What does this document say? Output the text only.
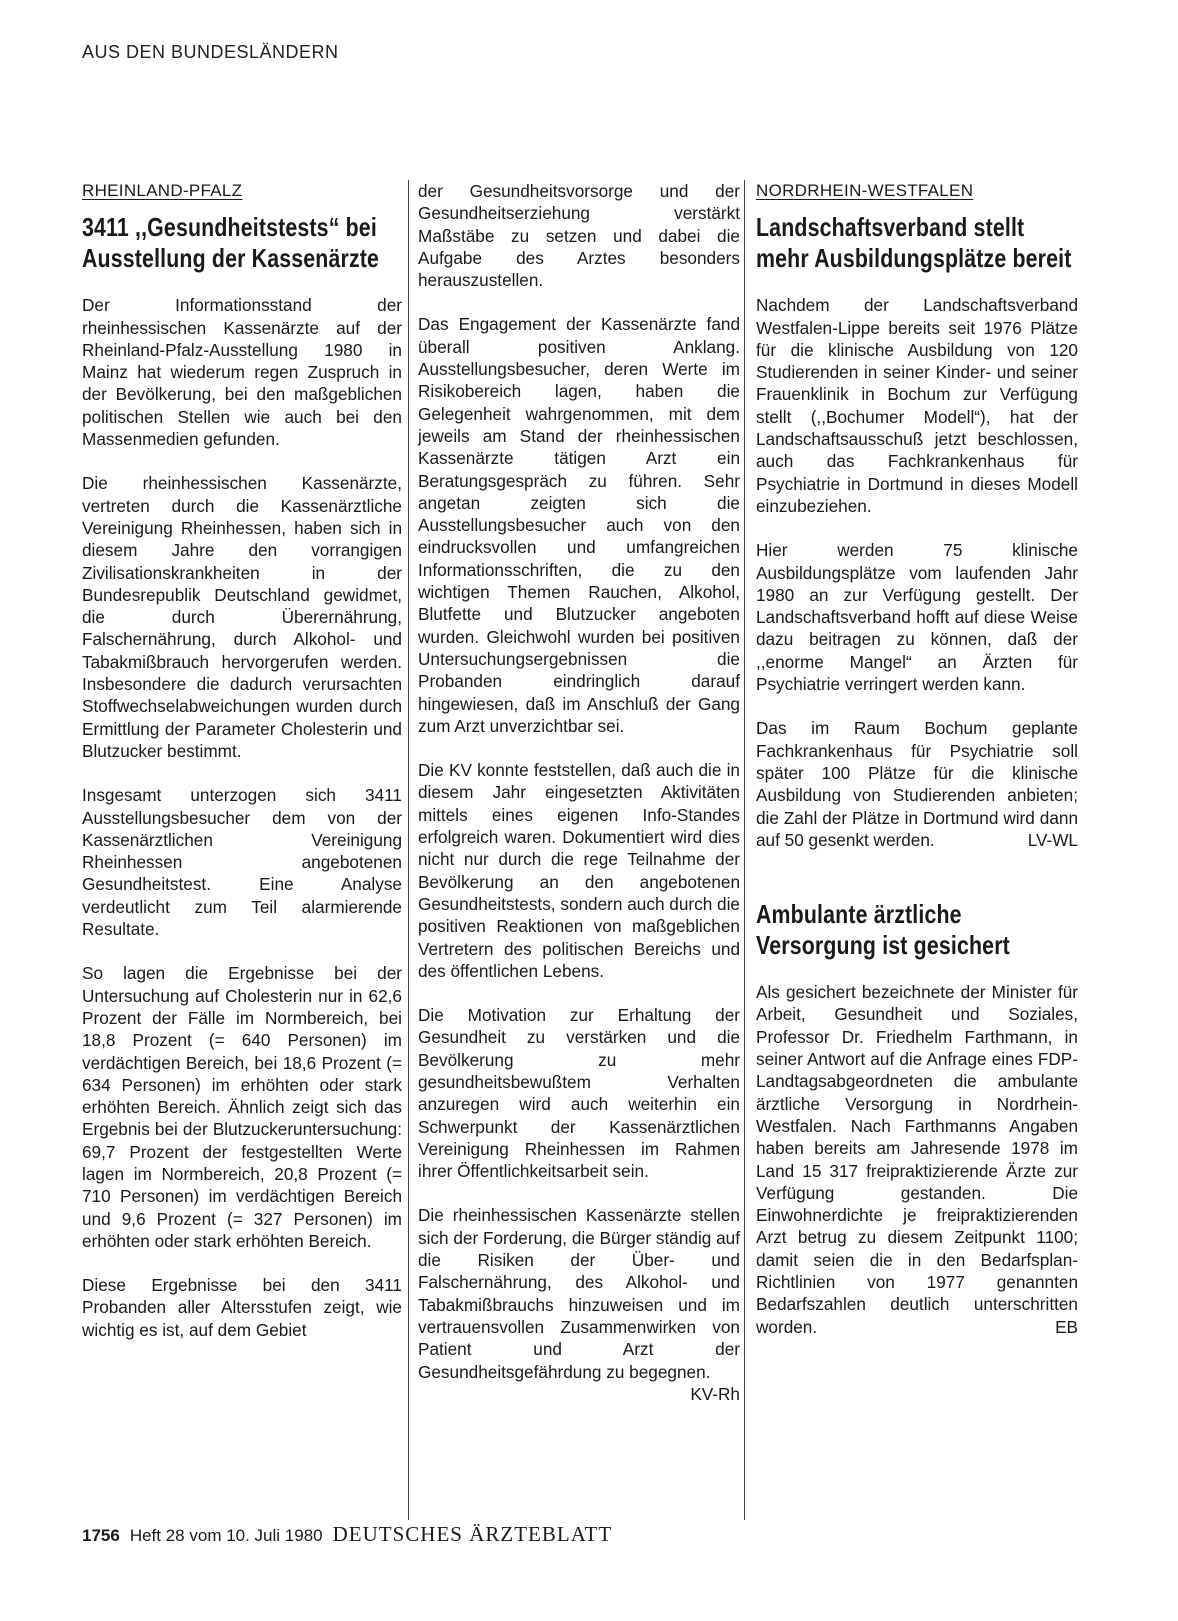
AUS DEN BUNDESLÄNDERN
RHEINLAND-PFALZ
3411 ,,Gesundheitstests“ bei Ausstellung der Kassenärzte

Der Informationsstand der rheinhessischen Kassenärzte auf der Rheinland-Pfalz-Ausstellung 1980 in Mainz hat wiederum regen Zuspruch in der Bevölkerung, bei den maßgeblichen politischen Stellen wie auch bei den Massenmedien gefunden.

Die rheinhessischen Kassenärzte, vertreten durch die Kassenärztliche Vereinigung Rheinhessen, haben sich in diesem Jahre den vorrangigen Zivilisationskrankheiten in der Bundesrepublik Deutschland gewidmet, die durch Überernährung, Falschernährung, durch Alkohol- und Tabakmißbrauch hervorgerufen werden. Insbesondere die dadurch verursachten Stoffwechselabweichungen wurden durch Ermittlung der Parameter Cholesterin und Blutzucker bestimmt.

Insgesamt unterzogen sich 3411 Ausstellungsbesucher dem von der Kassenärztlichen Vereinigung Rheinhessen angebotenen Gesundheitstest. Eine Analyse verdeutlicht zum Teil alarmierende Resultate.

So lagen die Ergebnisse bei der Untersuchung auf Cholesterin nur in 62,6 Prozent der Fälle im Normbereich, bei 18,8 Prozent (= 640 Personen) im verdächtigen Bereich, bei 18,6 Prozent (= 634 Personen) im erhöhten oder stark erhöhten Bereich. Ähnlich zeigt sich das Ergebnis bei der Blutzuckeruntersuchung: 69,7 Prozent der festgestellten Werte lagen im Normbereich, 20,8 Prozent (= 710 Personen) im verdächtigen Bereich und 9,6 Prozent (= 327 Personen) im erhöhten oder stark erhöhten Bereich.

Diese Ergebnisse bei den 3411 Probanden aller Altersstufen zeigt, wie wichtig es ist, auf dem Gebiet

der Gesundheitsvorsorge und der Gesundheitserziehung verstärkt Maßstäbe zu setzen und dabei die Aufgabe des Arztes besonders herauszustellen.

Das Engagement der Kassenärzte fand überall positiven Anklang. Ausstellungsbesucher, deren Werte im Risikobereich lagen, haben die Gelegenheit wahrgenommen, mit dem jeweils am Stand der rheinhessischen Kassenärzte tätigen Arzt ein Beratungsgespräch zu führen. Sehr angetan zeigten sich die Ausstellungsbesucher auch von den eindrucksvollen und umfangreichen Informationsschriften, die zu den wichtigen Themen Rauchen, Alkohol, Blutfette und Blutzucker angeboten wurden. Gleichwohl wurden bei positiven Untersuchungsergebnissen die Probanden eindringlich darauf hingewiesen, daß im Anschluß der Gang zum Arzt unverzichtbar sei.

Die KV konnte feststellen, daß auch die in diesem Jahr eingesetzten Aktivitäten mittels eines eigenen Info-Standes erfolgreich waren. Dokumentiert wird dies nicht nur durch die rege Teilnahme der Bevölkerung an den angebotenen Gesundheitstests, sondern auch durch die positiven Reaktionen von maßgeblichen Vertretern des politischen Bereichs und des öffentlichen Lebens.

Die Motivation zur Erhaltung der Gesundheit zu verstärken und die Bevölkerung zu mehr gesundheitsbewußtem Verhalten anzuregen wird auch weiterhin ein Schwerpunkt der Kassenärztlichen Vereinigung Rheinhessen im Rahmen ihrer Öffentlichkeitsarbeit sein.

Die rheinhessischen Kassenärzte stellen sich der Forderung, die Bürger ständig auf die Risiken der Über- und Falschernährung, des Alkohol- und Tabakmißbrauchs hinzuweisen und im vertrauensvollen Zusammenwirken von Patient und Arzt der Gesundheitsgefährdung zu begegnen.
KV-Rh

NORDRHEIN-WESTFALEN
Landschaftsverband stellt mehr Ausbildungsplätze bereit

Nachdem der Landschaftsverband Westfalen-Lippe bereits seit 1976 Plätze für die klinische Ausbildung von 120 Studierenden in seiner Kinder- und seiner Frauenklinik in Bochum zur Verfügung stellt (,,Bochumer Modell“), hat der Landschaftsausschuß jetzt beschlossen, auch das Fachkrankenhaus für Psychiatrie in Dortmund in dieses Modell einzubeziehen.

Hier werden 75 klinische Ausbildungsplätze vom laufenden Jahr 1980 an zur Verfügung gestellt. Der Landschaftsverband hofft auf diese Weise dazu beitragen zu können, daß der ,,enorme Mangel“ an Ärzten für Psychiatrie verringert werden kann.

Das im Raum Bochum geplante Fachkrankenhaus für Psychiatrie soll später 100 Plätze für die klinische Ausbildung von Studierenden anbieten; die Zahl der Plätze in Dortmund wird dann auf 50 gesenkt werden.	LV-WL

Ambulante ärztliche Versorgung ist gesichert

Als gesichert bezeichnete der Minister für Arbeit, Gesundheit und Soziales, Professor Dr. Friedhelm Farthmann, in seiner Antwort auf die Anfrage eines FDP-Landtagsabgeordneten die ambulante ärztliche Versorgung in Nordrhein-Westfalen. Nach Farthmanns Angaben haben bereits am Jahresende 1978 im Land 15 317 freipraktizierende Ärzte zur Verfügung gestanden. Die Einwohnerdichte je freipraktizierenden Arzt betrug zu diesem Zeitpunkt 1100; damit seien die in den Bedarfsplan-Richtlinien von 1977 genannten Bedarfszahlen deutlich unterschritten worden.	EB

1756 Heft 28 vom 10. Juli 1980 DEUTSCHES ÄRZTEBLATT
